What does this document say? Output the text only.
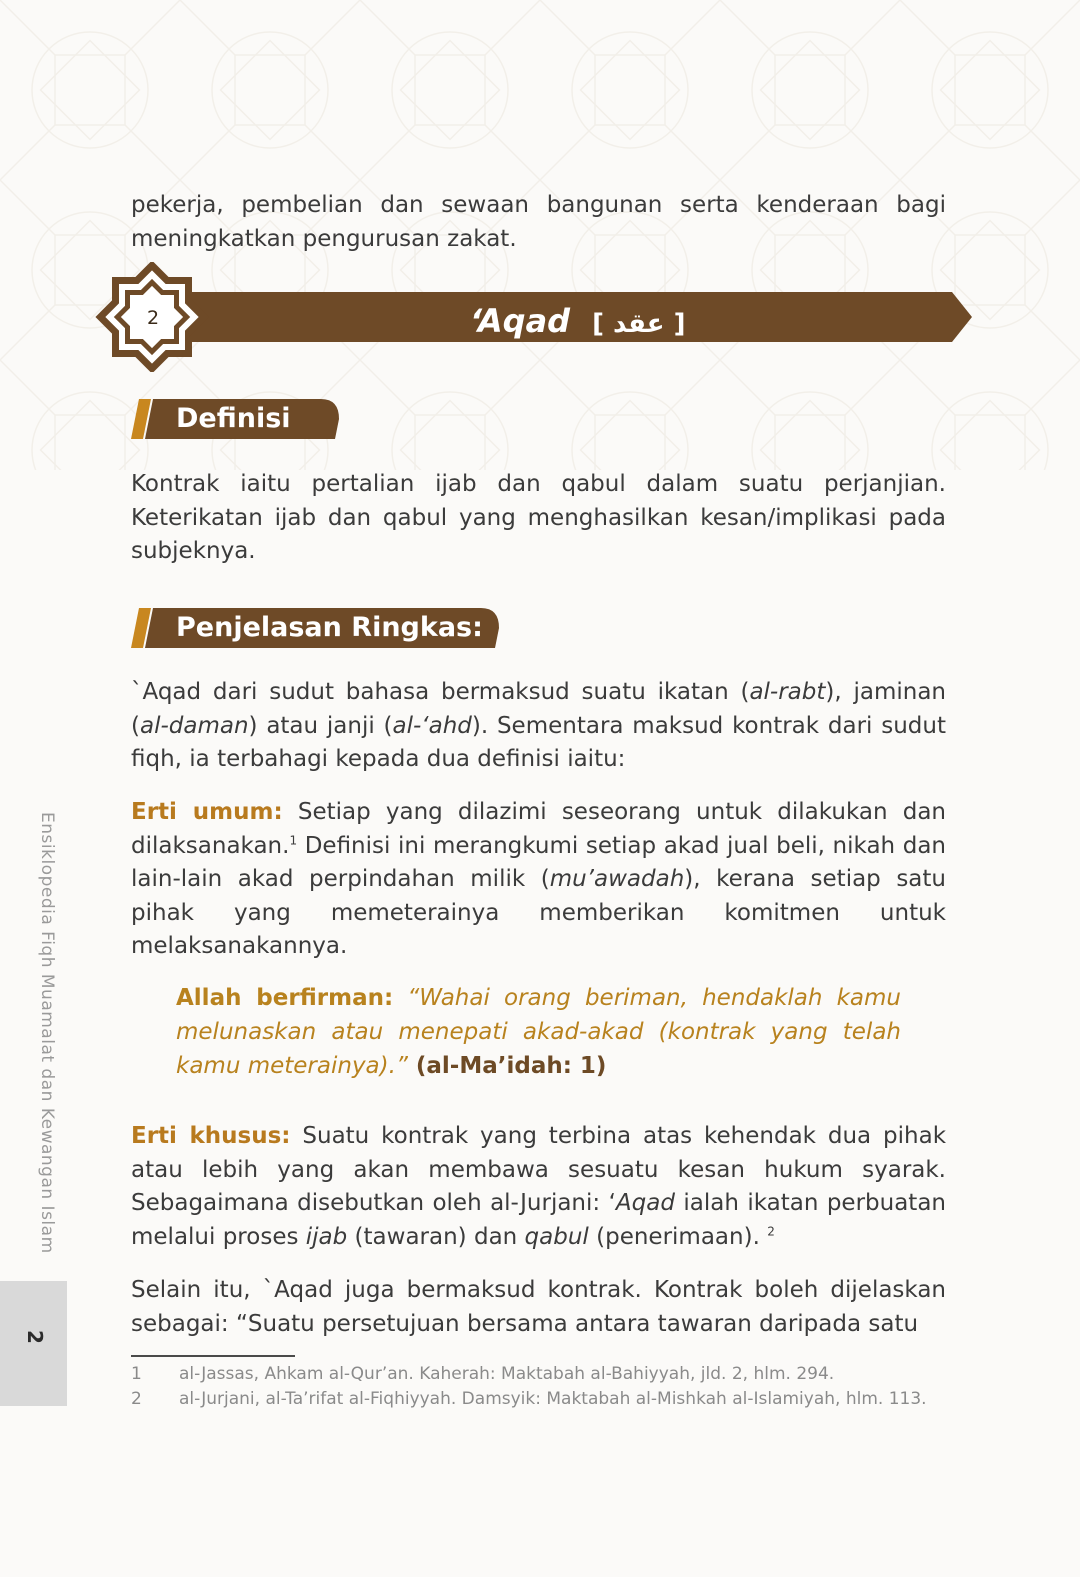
pekerja, pembelian dan sewaan bangunan serta kenderaan bagi meningkatkan pengurusan zakat.
2	‘Aqad [ عقد ]
Definisi
Kontrak iaitu pertalian ijab dan qabul dalam suatu perjanjian. Keterikatan ijab dan qabul yang menghasilkan kesan/implikasi pada subjeknya.
Penjelasan Ringkas:
`Aqad dari sudut bahasa bermaksud suatu ikatan (al-rabt), jaminan (al-daman) atau janji (al-‘ahd). Sementara maksud kontrak dari sudut fiqh, ia terbahagi kepada dua definisi iaitu:
Erti umum: Setiap yang dilazimi seseorang untuk dilakukan dan dilaksanakan.$^1$ Definisi ini merangkumi setiap akad jual beli, nikah dan lain-lain akad perpindahan milik (mu’awadah), kerana setiap satu pihak yang memeterainya memberikan komitmen untuk melaksanakannya.
Allah berfirman: “Wahai orang beriman, hendaklah kamu melunaskan atau menepati akad-akad (kontrak yang telah kamu meterainya).” (al-Ma’idah: 1)
Erti khusus: Suatu kontrak yang terbina atas kehendak dua pihak atau lebih yang akan membawa sesuatu kesan hukum syarak. Sebagaimana disebutkan oleh al-Jurjani: ‘Aqad ialah ikatan perbuatan melalui proses ijab (tawaran) dan qabul (penerimaan). $^2$
Selain itu, `Aqad juga bermaksud kontrak. Kontrak boleh dijelaskan sebagai: “Suatu persetujuan bersama antara tawaran daripada satu
1 al-Jassas, Ahkam al-Qur’an. Kaherah: Maktabah al-Bahiyyah, jld. 2, hlm. 294.
2 al-Jurjani, al-Ta’rifat al-Fiqhiyyah. Damsyik: Maktabah al-Mishkah al-Islamiyah, hlm. 113.
Ensiklopedia Fiqh Muamalat dan Kewangan Islam
2
